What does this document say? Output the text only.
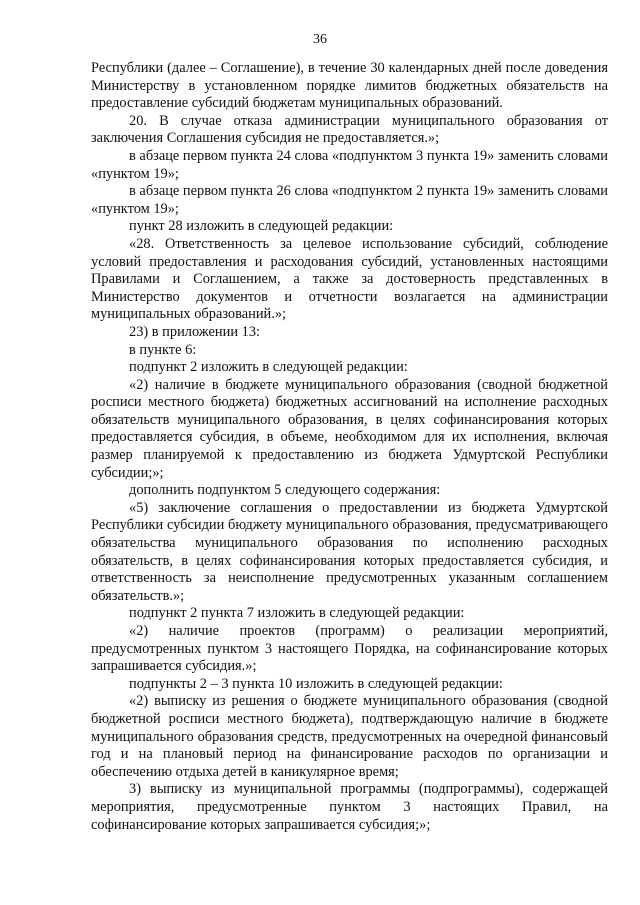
36

Республики (далее – Соглашение), в течение 30 календарных дней после доведения Министерству в установленном порядке лимитов бюджетных обязательств на предоставление субсидий бюджетам муниципальных образований.

20. В случае отказа администрации муниципального образования от заключения Соглашения субсидия не предоставляется.»;

в абзаце первом пункта 24 слова «подпунктом 3 пункта 19» заменить словами «пунктом 19»;

в абзаце первом пункта 26 слова «подпунктом 2 пункта 19» заменить словами «пунктом 19»;

пункт 28 изложить в следующей редакции:

«28. Ответственность за целевое использование субсидий, соблюдение условий предоставления и расходования субсидий, установленных настоящими Правилами и Соглашением, а также за достоверность представленных в Министерство документов и отчетности возлагается на администрации муниципальных образований.»;

23) в приложении 13:

в пункте 6:

подпункт 2 изложить в следующей редакции:

«2) наличие в бюджете муниципального образования (сводной бюджетной росписи местного бюджета) бюджетных ассигнований на исполнение расходных обязательств муниципального образования, в целях софинансирования которых предоставляется субсидия, в объеме, необходимом для их исполнения, включая размер планируемой к предоставлению из бюджета Удмуртской Республики субсидии;»;

дополнить подпунктом 5 следующего содержания:

«5) заключение соглашения о предоставлении из бюджета Удмуртской Республики субсидии бюджету муниципального образования, предусматривающего обязательства муниципального образования по исполнению расходных обязательств, в целях софинансирования которых предоставляется субсидия, и ответственность за неисполнение предусмотренных указанным соглашением обязательств.»;

подпункт 2 пункта 7 изложить в следующей редакции:

«2) наличие проектов (программ) о реализации мероприятий, предусмотренных пунктом 3 настоящего Порядка, на софинансирование которых запрашивается субсидия.»;

подпункты 2 – 3 пункта 10 изложить в следующей редакции:

«2) выписку из решения о бюджете муниципального образования (сводной бюджетной росписи местного бюджета), подтверждающую наличие в бюджете муниципального образования средств, предусмотренных на очередной финансовый год и на плановый период на финансирование расходов по организации и обеспечению отдыха детей в каникулярное время;

3) выписку из муниципальной программы (подпрограммы), содержащей мероприятия, предусмотренные пунктом 3 настоящих Правил, на софинансирование которых запрашивается субсидия;»;
